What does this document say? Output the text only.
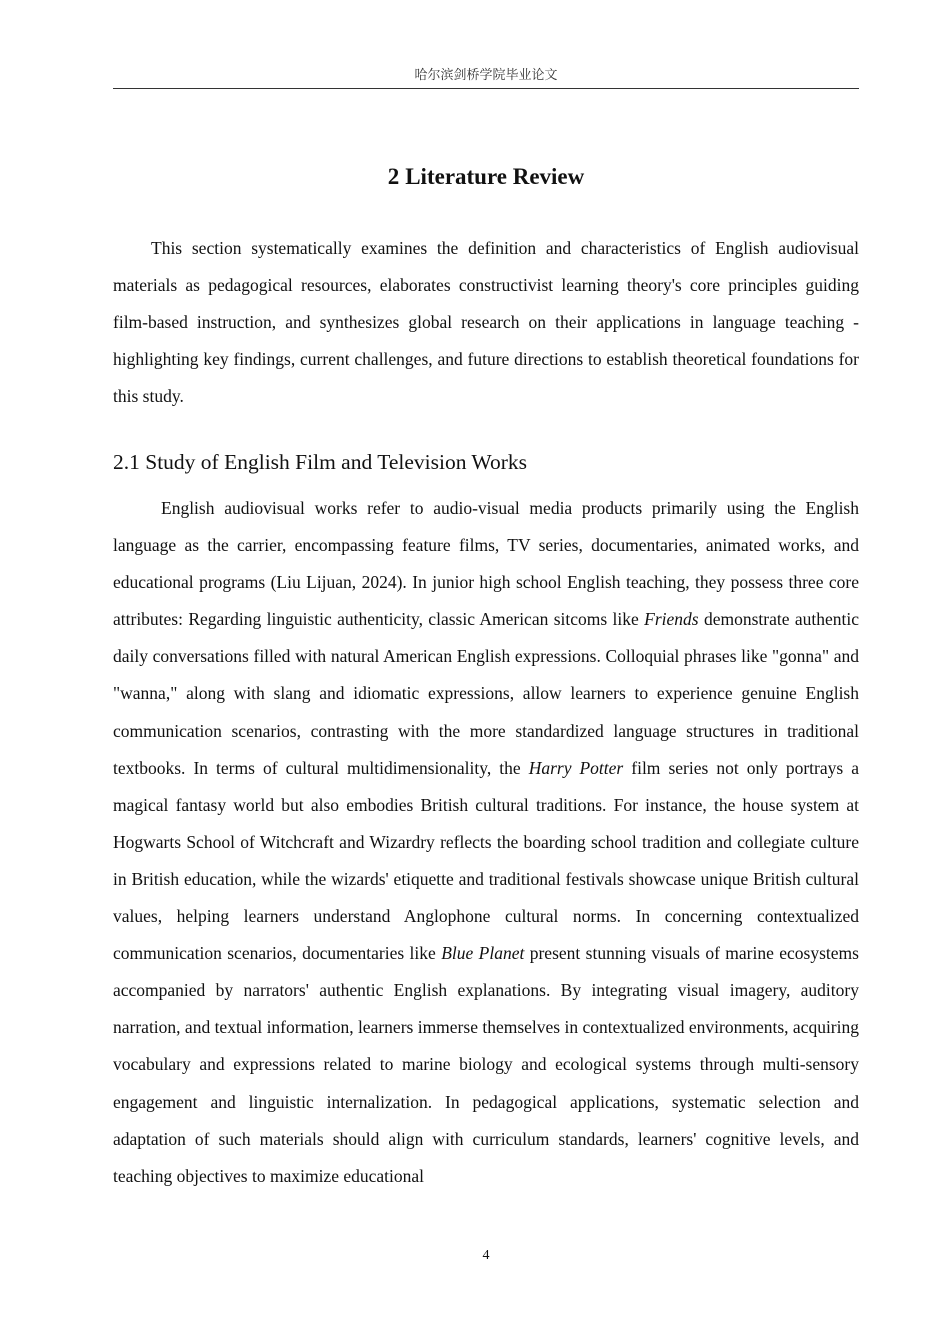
哈尔滨剑桥学院毕业论文
2 Literature Review

This section systematically examines the definition and characteristics of English audiovisual materials as pedagogical resources, elaborates constructivist learning theory's core principles guiding film-based instruction, and synthesizes global research on their applications in language teaching - highlighting key findings, current challenges, and future directions to establish theoretical foundations for this study.

2.1 Study of English Film and Television Works

English audiovisual works refer to audio-visual media products primarily using the English language as the carrier, encompassing feature films, TV series, documentaries, animated works, and educational programs (Liu Lijuan, 2024). In junior high school English teaching, they possess three core attributes: Regarding linguistic authenticity, classic American sitcoms like Friends demonstrate authentic daily conversations filled with natural American English expressions. Colloquial phrases like "gonna" and "wanna," along with slang and idiomatic expressions, allow learners to experience genuine English communication scenarios, contrasting with the more standardized language structures in traditional textbooks. In terms of cultural multidimensionality, the Harry Potter film series not only portrays a magical fantasy world but also embodies British cultural traditions. For instance, the house system at Hogwarts School of Witchcraft and Wizardry reflects the boarding school tradition and collegiate culture in British education, while the wizards' etiquette and traditional festivals showcase unique British cultural values, helping learners understand Anglophone cultural norms. In concerning contextualized communication scenarios, documentaries like Blue Planet present stunning visuals of marine ecosystems accompanied by narrators' authentic English explanations. By integrating visual imagery, auditory narration, and textual information, learners immerse themselves in contextualized environments, acquiring vocabulary and expressions related to marine biology and ecological systems through multi-sensory engagement and linguistic internalization. In pedagogical applications, systematic selection and adaptation of such materials should align with curriculum standards, learners' cognitive levels, and teaching objectives to maximize educational

4
